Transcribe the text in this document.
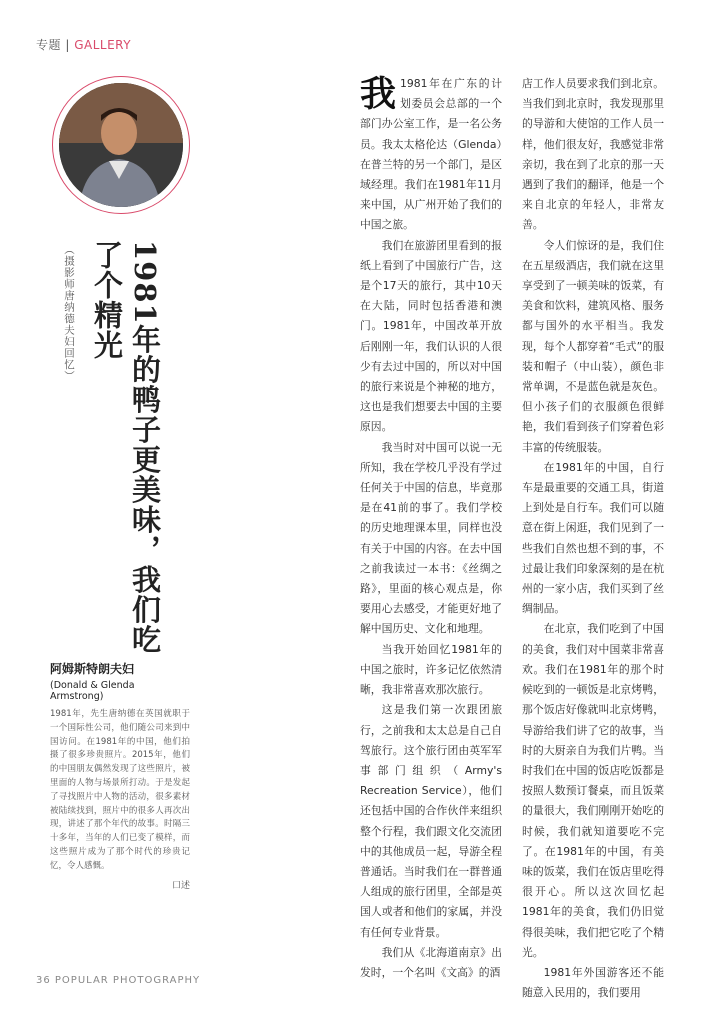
专题 | GALLERY
1981年的鸭子更美味，我们吃了个精光
（摄影师唐纳德夫妇回忆）
阿姆斯特朗夫妇
(Donald & Glenda Armstrong)
1981年，先生唐纳德在英国就职于一个国际性公司，他们随公司来到中国访问。在1981年的中国，他们拍摄了很多珍贵照片。2015年，他们的中国朋友偶然发现了这些照片，被里面的人物与场景所打动。于是发起了寻找照片中人物的活动，很多素材被陆续找到，照片中的很多人再次出现，讲述了那个年代的故事。时隔三十多年，当年的人们已变了模样，而这些照片成为了那个时代的珍贵记忆，令人感慨。
口述
我 1981年在广东的计划委员会总部的一个部门办公室工作，是一名公务员。我太太格伦达（Glenda）在普兰特的另一个部门，是区域经理。我们在1981年11月来中国，从广州开始了我们的中国之旅。

我们在旅游团里看到的报纸上看到了中国旅行广告，这是个17天的旅行，其中10天在大陆，同时包括香港和澳门。1981年，中国改革开放后刚刚一年，我们认识的人很少有去过中国的，所以对中国的旅行来说是个神秘的地方，这也是我们想要去中国的主要原因。

我当时对中国可以说一无所知，我在学校几乎没有学过任何关于中国的信息，毕竟那是在41前的事了。我们学校的历史地理课本里，同样也没有关于中国的内容。在去中国之前我读过一本书：《丝绸之路》，里面的核心观点是，你要用心去感受，才能更好地了解中国历史、文化和地理。

当我开始回忆1981年的中国之旅时，许多记忆依然清晰，我非常喜欢那次旅行。

这是我们第一次跟团旅行，之前我和太太总是自己自驾旅行。这个旅行团由英军军事部门组织（Army's Recreation Service），他们还包括中国的合作伙伴来组织整个行程，我们跟文化交流团中的其他成员一起，导游全程普通话。当时我们在一群普通人组成的旅行团里，全部是英国人或者和他们的家属，并没有任何专业背景。

我们从《北海道南京》出发时，一个名叫《文高》的酒

店工作人员要求我们到北京。当我们到北京时，我发现那里的导游和大使馆的工作人员一样，他们很友好，我感觉非常亲切，我在到了北京的那一天遇到了我们的翻译，他是一个来自北京的年轻人，非常友善。

令人们惊讶的是，我们住在五星级酒店，我们就在这里享受到了一顿美味的饭菜，有美食和饮料，建筑风格、服务都与国外的水平相当。我发现，每个人都穿着“毛式”的服装和帽子（中山装），颜色非常单调，不是蓝色就是灰色。但小孩子们的衣服颜色很鲜艳，我们看到孩子们穿着色彩丰富的传统服装。

在1981年的中国，自行车是最重要的交通工具，街道上到处是自行车。我们可以随意在街上闲逛，我们见到了一些我们自然也想不到的事，不过最让我们印象深刻的是在杭州的一家小店，我们买到了丝绸制品。

在北京，我们吃到了中国的美食，我们对中国菜非常喜欢。我们在1981年的那个时候吃到的一顿饭是北京烤鸭，那个饭店好像就叫北京烤鸭，导游给我们讲了它的故事，当时的大厨亲自为我们片鸭。当时我们在中国的饭店吃饭都是按照人数预订餐桌，而且饭菜的量很大，我们刚刚开始吃的时候，我们就知道要吃不完了。在1981年的中国，有美味的饭菜，我们在饭店里吃得很开心。所以这次回忆起1981年的美食，我们仍旧觉得很美味，我们把它吃了个精光。

1981年外国游客还不能随意入民用的，我们要用

36 POPULAR PHOTOGRAPHY
